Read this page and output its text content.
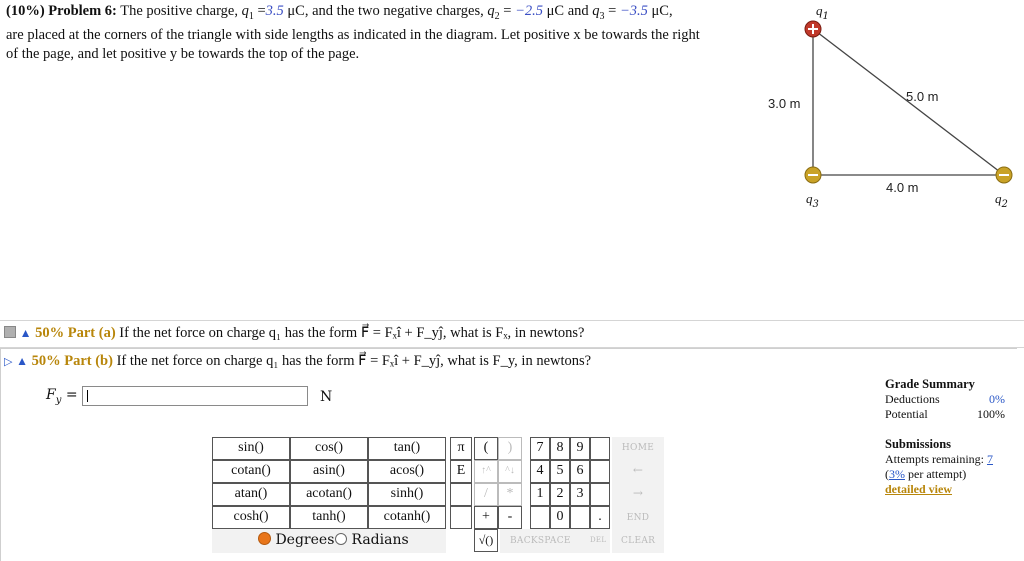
(10%) Problem 6: The positive charge, $q_1 =3.5$ μC, and the two negative charges, $q_2 = -2.5$ μC and $q_3 = -3.5$ μC,
are placed at the corners of the triangle with side lengths as indicated in the diagram. Let positive x be towards the right
of the page, and let positive y be towards the top of the page.
$q_1$
$q_3$	$q_2$
3.0 m	5.0 m
4.0 m
▲ 50% Part (a) If the net force on charge q₁ has the form F⃗ = Fₓî + F_yĵ, what is Fₓ, in newtons?
▷ ▲ 50% Part (b) If the net force on charge q₁ has the form F⃗ = Fₓî + F_yĵ, what is F_y, in newtons?
$F_y$ =	N
sin()	cos()	tan()
cotan()	asin()	acos()
atan()	acotan()	sinh()
cosh()	tanh()	cotanh()
Degrees	Radians
π
E
(	)
↑^	^↓
/	*
+	-
√()
7 8 9
4 5 6
1 2 3
0	.
HOME
←
→
END
BACKSPACE	DEL CLEAR
Grade Summary
Deductions	0%
Potential	100%
Submissions
Attempts remaining: 7
(3% per attempt)
detailed view
